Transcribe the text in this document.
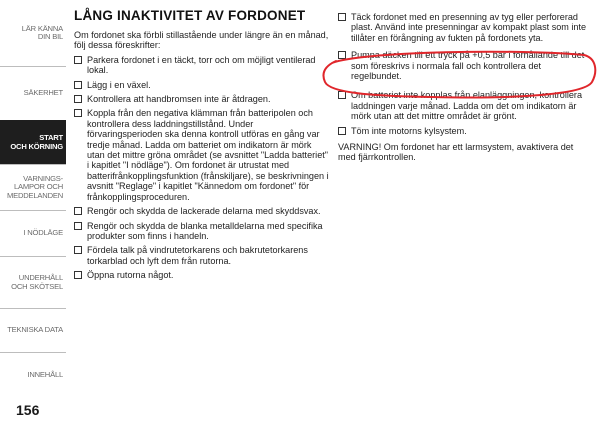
LÄR KÄNNA
DIN BIL
SÄKERHET
START
OCH KÖRNING
VARNINGS-
LAMPOR OCH
MEDDELANDEN
I NÖDLÄGE
UNDERHÅLL
OCH SKÖTSEL
TEKNISKA DATA
INNEHÅLL
156
LÅNG INAKTIVITET AV FORDONET

Om fordonet ska förbli stillastående under längre än en månad, följ dessa föreskrifter:

Parkera fordonet i en täckt, torr och om möjligt ventilerad lokal.
Lägg i en växel.
Kontrollera att handbromsen inte är åtdragen.
Koppla från den negativa klämman från batteripolen och kontrollera dess laddningstillstånd. Under förvaringsperioden ska denna kontroll utföras en gång var tredje månad. Ladda om batteriet om indikatorn är mörk utan det mittre gröna området (se avsnittet "Ladda batteriet" i kapitlet "I nödläge"). Om fordonet är utrustat med batterifrånkopplingsfunktion (frånskiljare), se beskrivningen i avsnitt "Reglage" i kapitlet "Kännedom om fordonet" för frånkopplingsproceduren.
Rengör och skydda de lackerade delarna med skyddsvax.
Rengör och skydda de blanka metalldelarna med specifika produkter som finns i handeln.
Fördela talk på vindrutetorkarens och bakrutetorkarens torkarblad och lyft dem från rutorna.
Öppna rutorna något.
Täck fordonet med en presenning av tyg eller perforerad plast. Använd inte presenningar av kompakt plast som inte tillåter en förångning av fukten på fordonets yta.
Pumpa däcken till ett tryck på +0,5 bar i förhållande till det som föreskrivs i normala fall och kontrollera det regelbundet.
Om batteriet inte kopplas från elanläggningen, kontrollera laddningen varje månad. Ladda om det om indikatorn är mörk utan att det mittre området är grönt.
Töm inte motorns kylsystem.

VARNING! Om fordonet har ett larmsystem, avaktivera det med fjärrkontrollen.
